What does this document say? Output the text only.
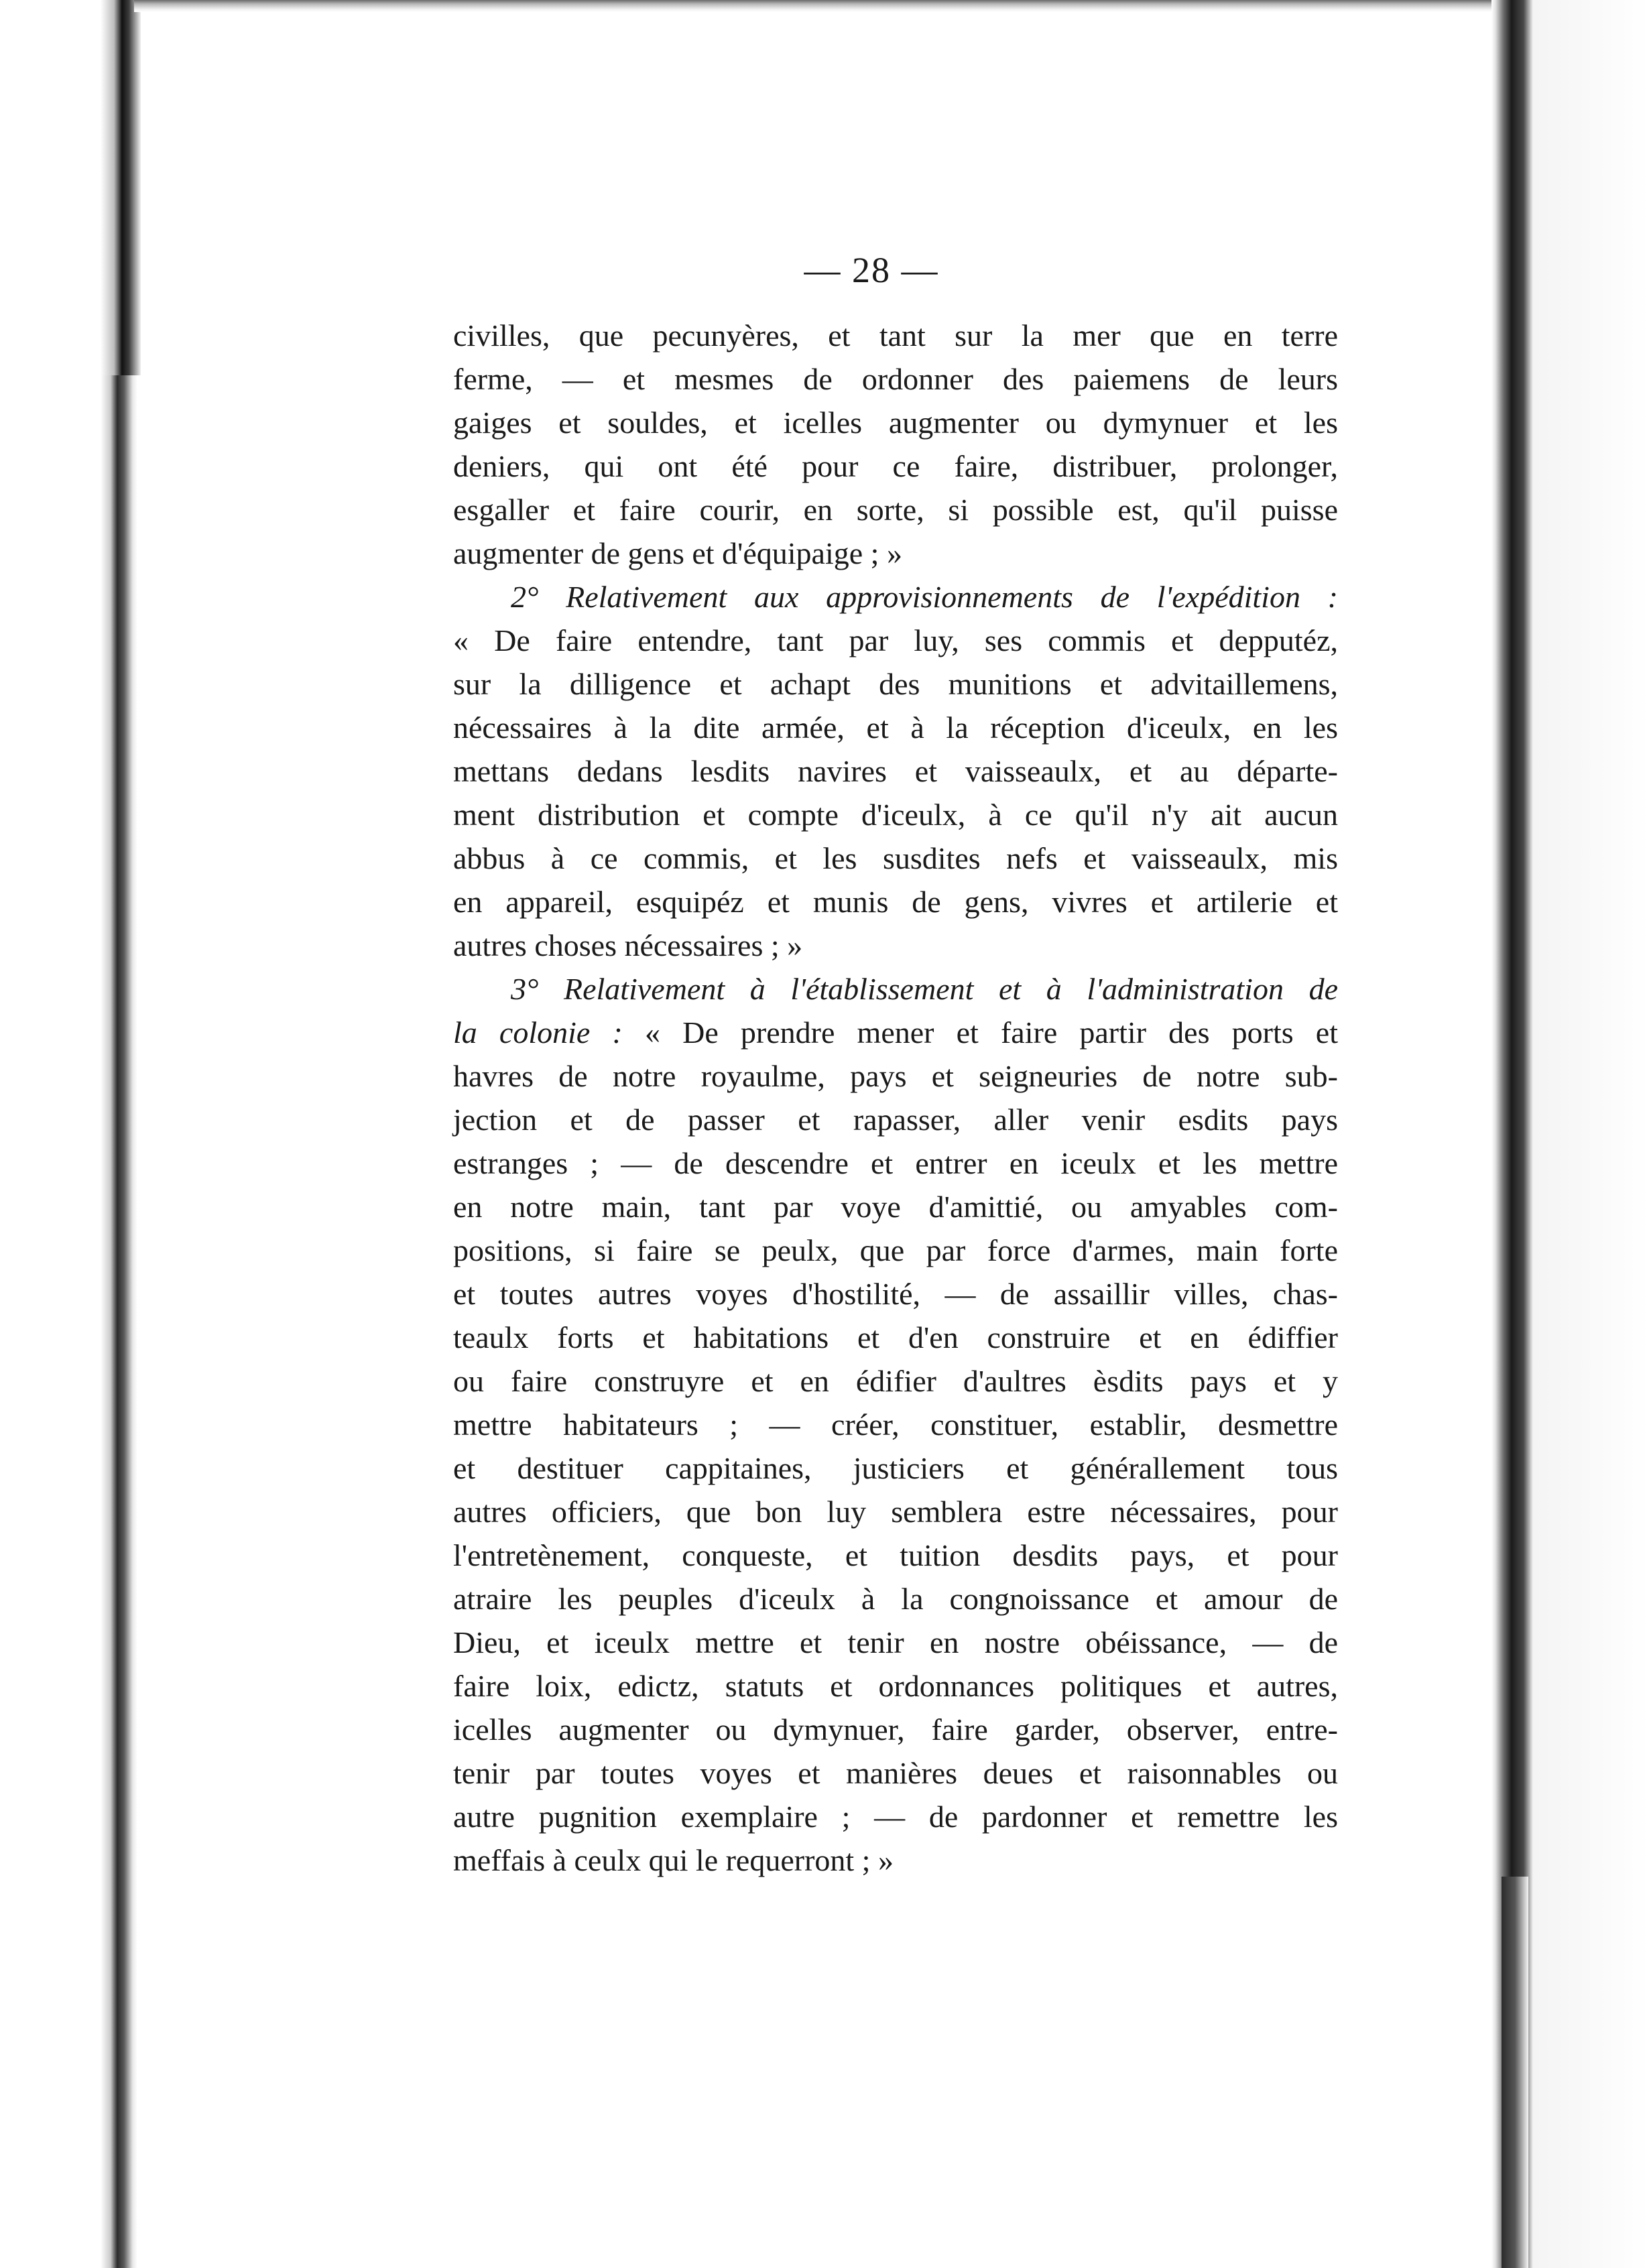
— 28 —
civilles, que pecunyères, et tant sur la mer que en terre
ferme, — et mesmes de ordonner des paiemens de leurs
gaiges et souldes, et icelles augmenter ou dymynuer et les
deniers, qui ont été pour ce faire, distribuer, prolonger,
esgaller et faire courir, en sorte, si possible est, qu'il puisse
augmenter de gens et d'équipaige ; »
2° Relativement aux approvisionnements de l'expédition :
« De faire entendre, tant par luy, ses commis et depputéz,
sur la dilligence et achapt des munitions et advitaillemens,
nécessaires à la dite armée, et à la réception d'iceulx, en les
mettans dedans lesdits navires et vaisseaulx, et au départe-
ment distribution et compte d'iceulx, à ce qu'il n'y ait aucun
abbus à ce commis, et les susdites nefs et vaisseaulx, mis
en appareil, esquipéz et munis de gens, vivres et artilerie et
autres choses nécessaires ; »
3° Relativement à l'établissement et à l'administration de
la colonie : « De prendre mener et faire partir des ports et
havres de notre royaulme, pays et seigneuries de notre sub-
jection et de passer et rapasser, aller venir esdits pays
estranges ; — de descendre et entrer en iceulx et les mettre
en notre main, tant par voye d'amittié, ou amyables com-
positions, si faire se peulx, que par force d'armes, main forte
et toutes autres voyes d'hostilité, — de assaillir villes, chas-
teaulx forts et habitations et d'en construire et en édiffier
ou faire construyre et en édifier d'aultres èsdits pays et y
mettre habitateurs ; — créer, constituer, establir, desmettre
et destituer cappitaines, justiciers et générallement tous
autres officiers, que bon luy semblera estre nécessaires, pour
l'entretènement, conqueste, et tuition desdits pays, et pour
atraire les peuples d'iceulx à la congnoissance et amour de
Dieu, et iceulx mettre et tenir en nostre obéissance, — de
faire loix, edictz, statuts et ordonnances politiques et autres,
icelles augmenter ou dymynuer, faire garder, observer, entre-
tenir par toutes voyes et manières deues et raisonnables ou
autre pugnition exemplaire ; — de pardonner et remettre les
meffais à ceulx qui le requerront ; »
